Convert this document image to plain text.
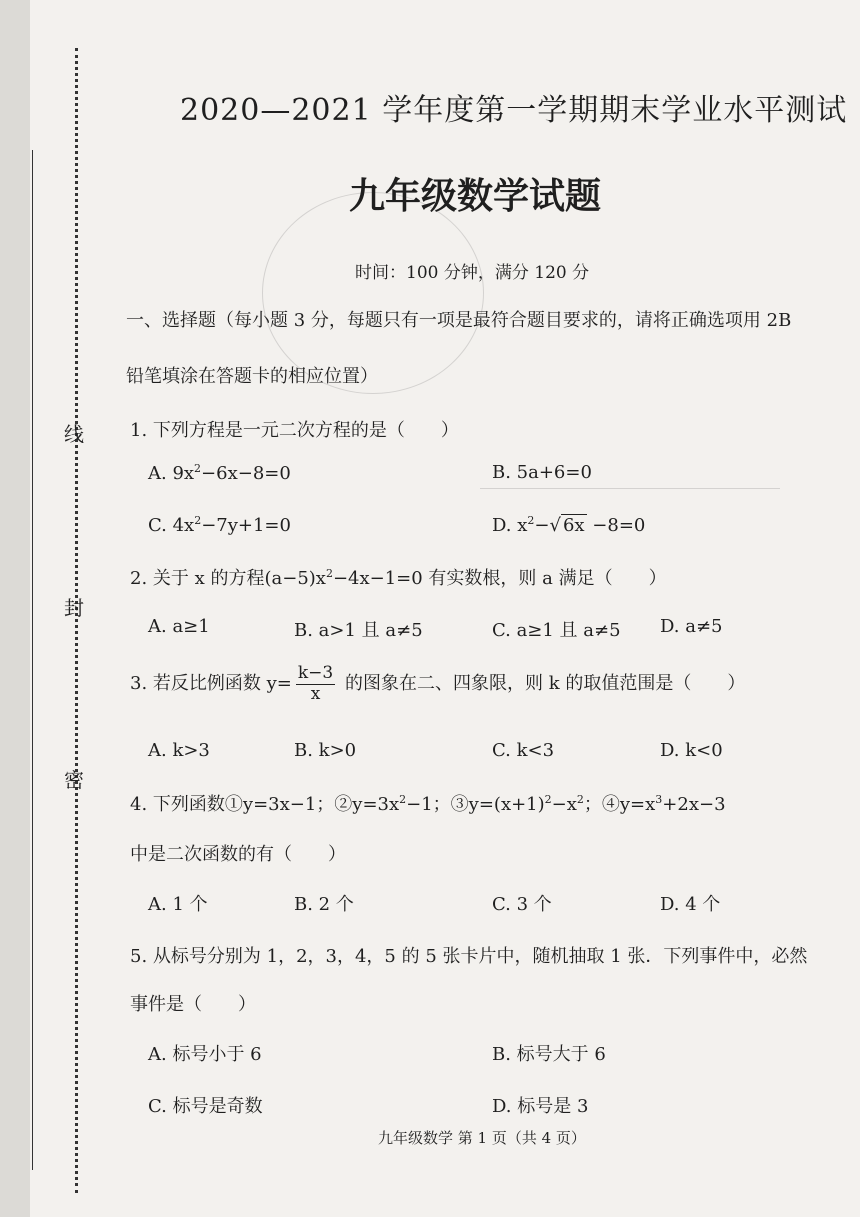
线
封
密
2020—2021 学年度第一学期期末学业水平测试
九年级数学试题
时间：100 分钟，满分 120 分
一、选择题（每小题 3 分，每题只有一项是最符合题目要求的，请将正确选项用 2B
铅笔填涂在答题卡的相应位置）
1. 下列方程是一元二次方程的是（　　）
A. $9x^2-6x-8=0$	B. 5a+6=0
C. $4x^2-7y+1=0$	D. $x^2-√$ 6x −8=0
2. 关于 x 的方程$(a-5)x^2-4x-1=0$ 有实数根，则 a 满足（　　）
A. a≥1	B. a>1 且 a≠5	C. a≥1 且 a≠5 D. a≠5
3. 若反比例函数 $y= \frac{k-3}{x}$ 的图象在二、四象限，则 k 的取值范围是（　　）
A. k>3	B. k>0	C. k<3	D. k<0
4. 下列函数①y=3x−1；$②y=3x^2-1$；$③y=(x+1)^2-x^2$；$④y=x^3+2x-3$
中是二次函数的有（　　）
A. 1 个	B. 2 个	C. 3 个	D. 4 个
5. 从标号分别为 1，2，3，4，5 的 5 张卡片中，随机抽取 1 张．下列事件中，必然
事件是（　　）
A. 标号小于 6	B. 标号大于 6
C. 标号是奇数	D. 标号是 3
九年级数学 第 1 页（共 4 页）
